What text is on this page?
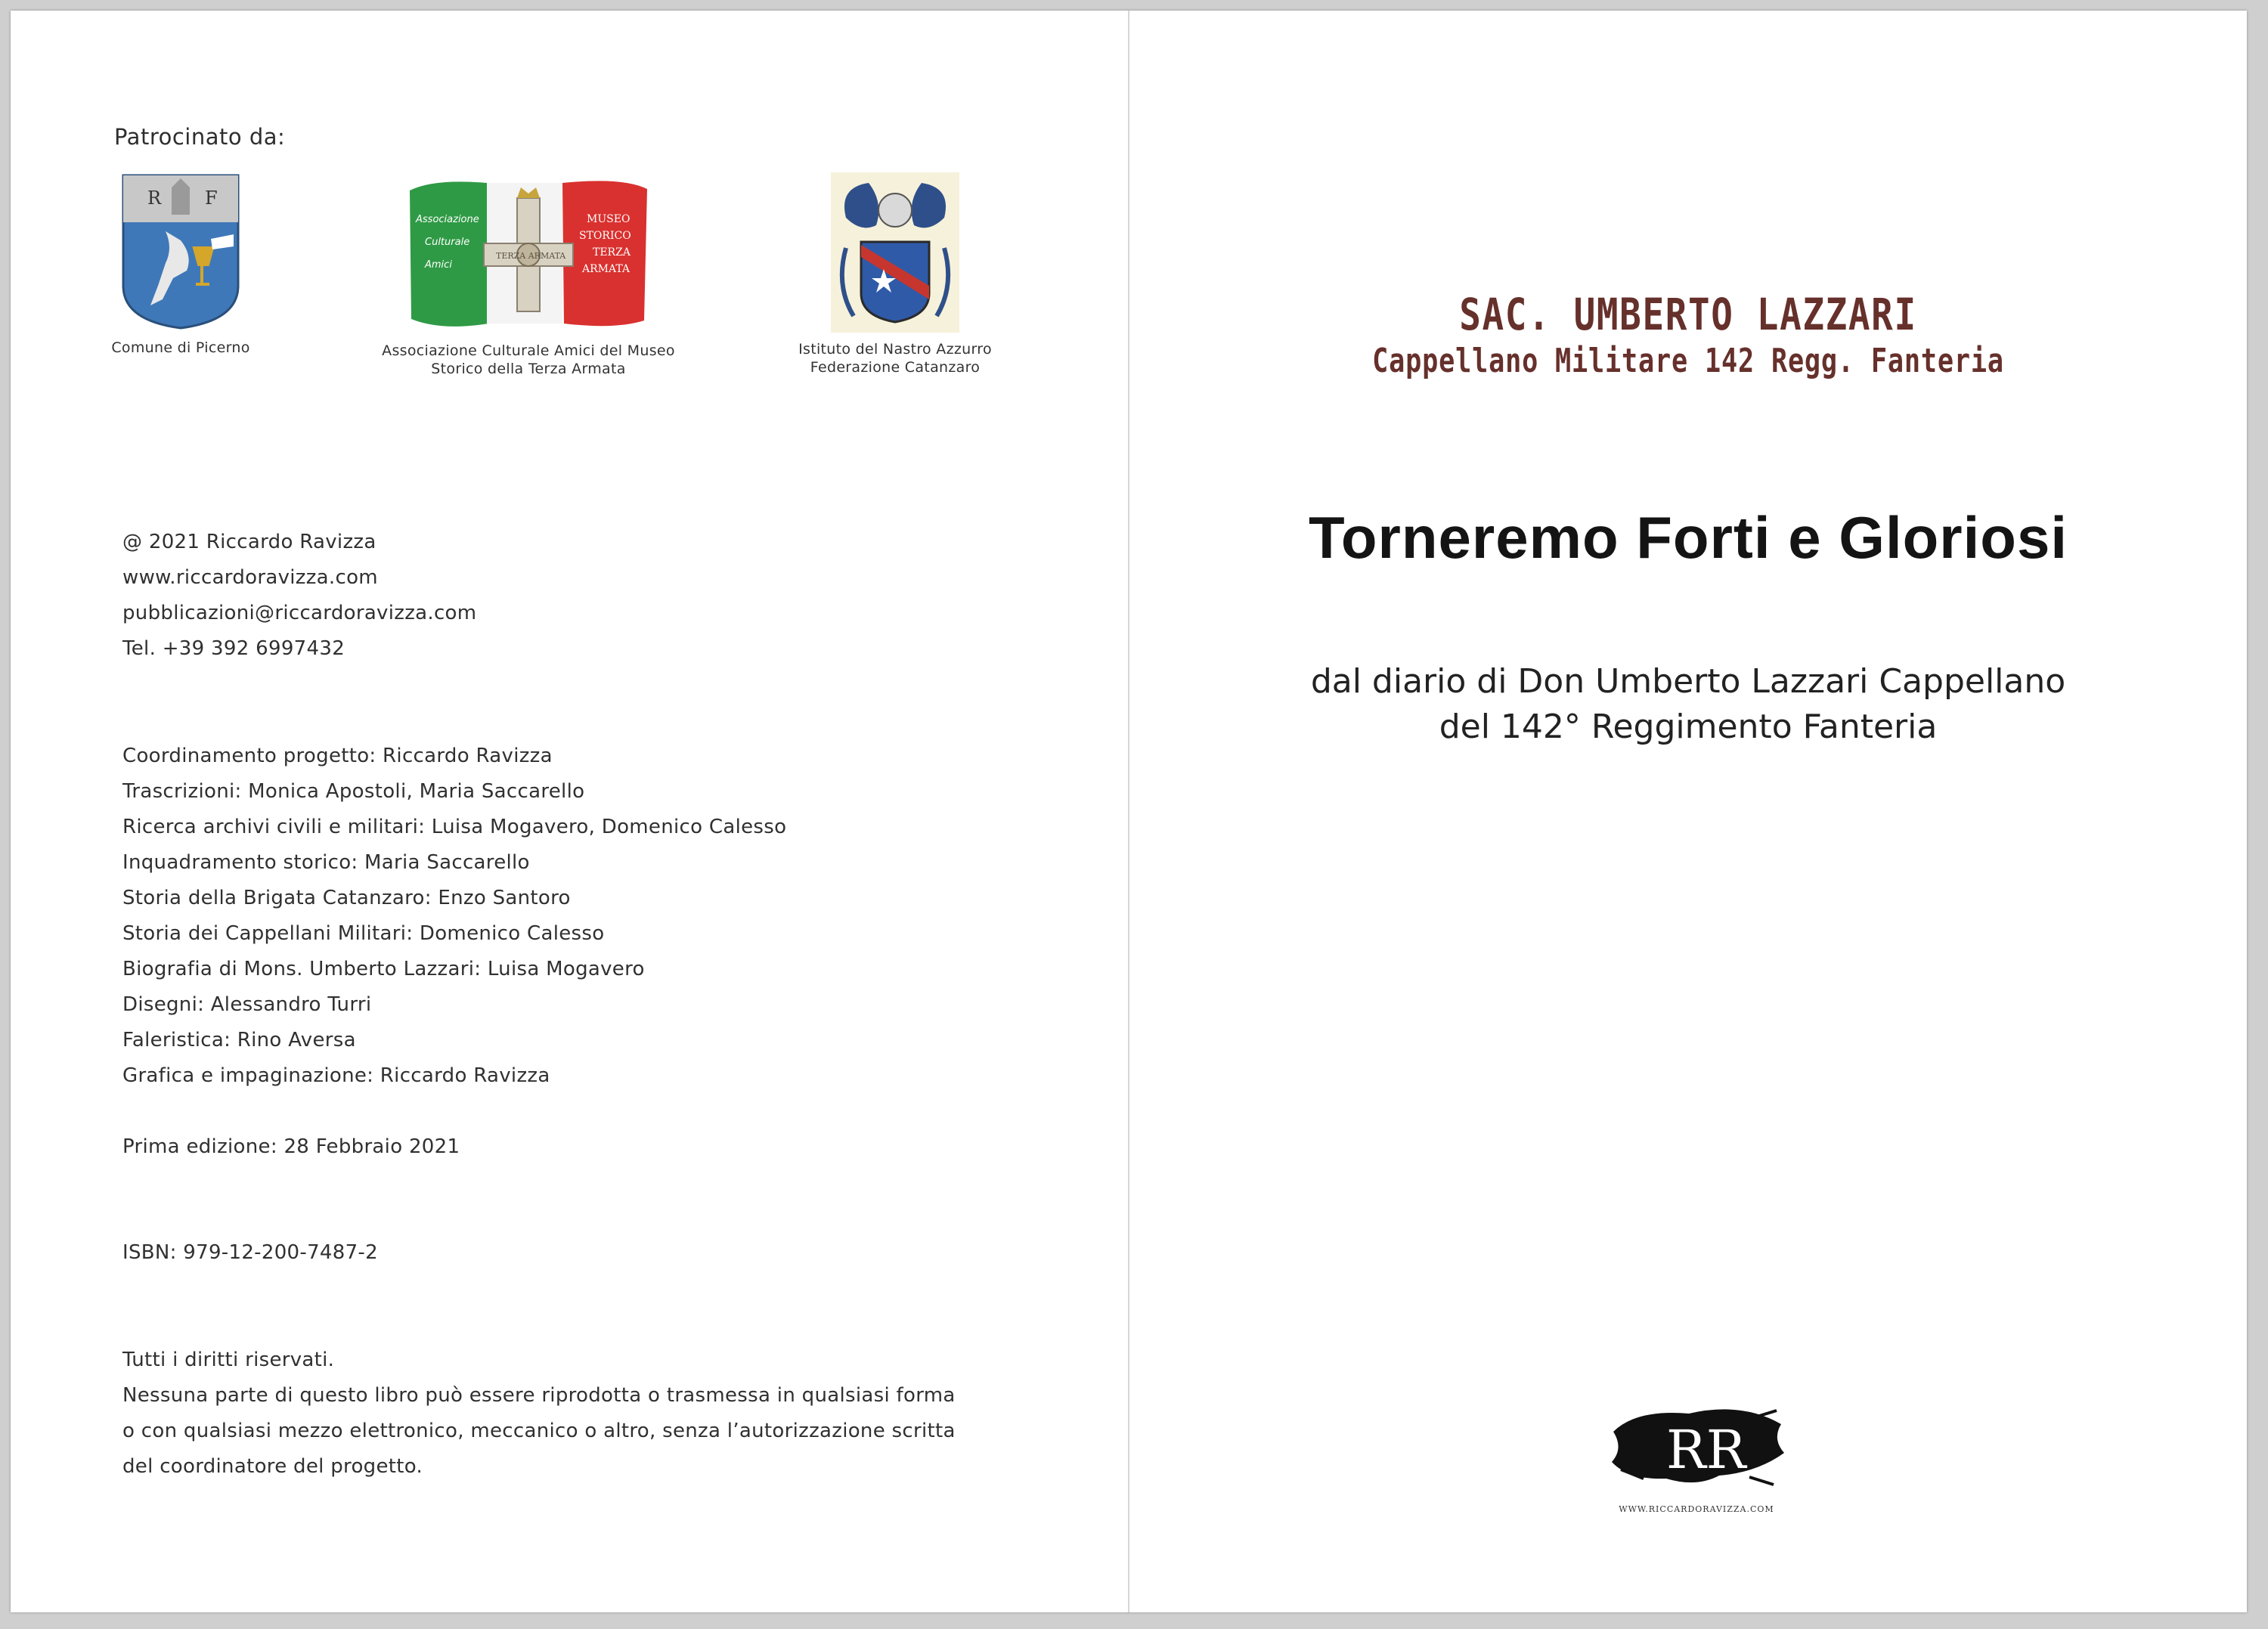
Patrocinato da:
R F
Comune di Picerno
TERZA ARMATA
Associazione
Culturale
Amici
MUSEO
STORICO
TERZA
ARMATA
Associazione Culturale Amici del Museo
Storico della Terza Armata
Istituto del Nastro Azzurro
Federazione Catanzaro
@ 2021 Riccardo Ravizza
www.riccardoravizza.com
pubblicazioni@riccardoravizza.com
Tel. +39 392 6997432
Coordinamento progetto: Riccardo Ravizza
Trascrizioni: Monica Apostoli, Maria Saccarello
Ricerca archivi civili e militari: Luisa Mogavero, Domenico Calesso
Inquadramento storico: Maria Saccarello
Storia della Brigata Catanzaro: Enzo Santoro
Storia dei Cappellani Militari: Domenico Calesso
Biografia di Mons. Umberto Lazzari: Luisa Mogavero
Disegni: Alessandro Turri
Faleristica: Rino Aversa
Grafica e impaginazione: Riccardo Ravizza
Prima edizione: 28 Febbraio 2021
ISBN: 979-12-200-7487-2
Tutti i diritti riservati.
Nessuna parte di questo libro può essere riprodotta o trasmessa in qualsiasi forma
o con qualsiasi mezzo elettronico, meccanico o altro, senza l’autorizzazione scritta
del coordinatore del progetto.
SAC. UMBERTO LAZZARI
Cappellano Militare 142 Regg. Fanteria
Torneremo Forti e Gloriosi
dal diario di Don Umberto Lazzari Cappellano
del 142° Reggimento Fanteria
RR
WWW.RICCARDORAVIZZA.COM
